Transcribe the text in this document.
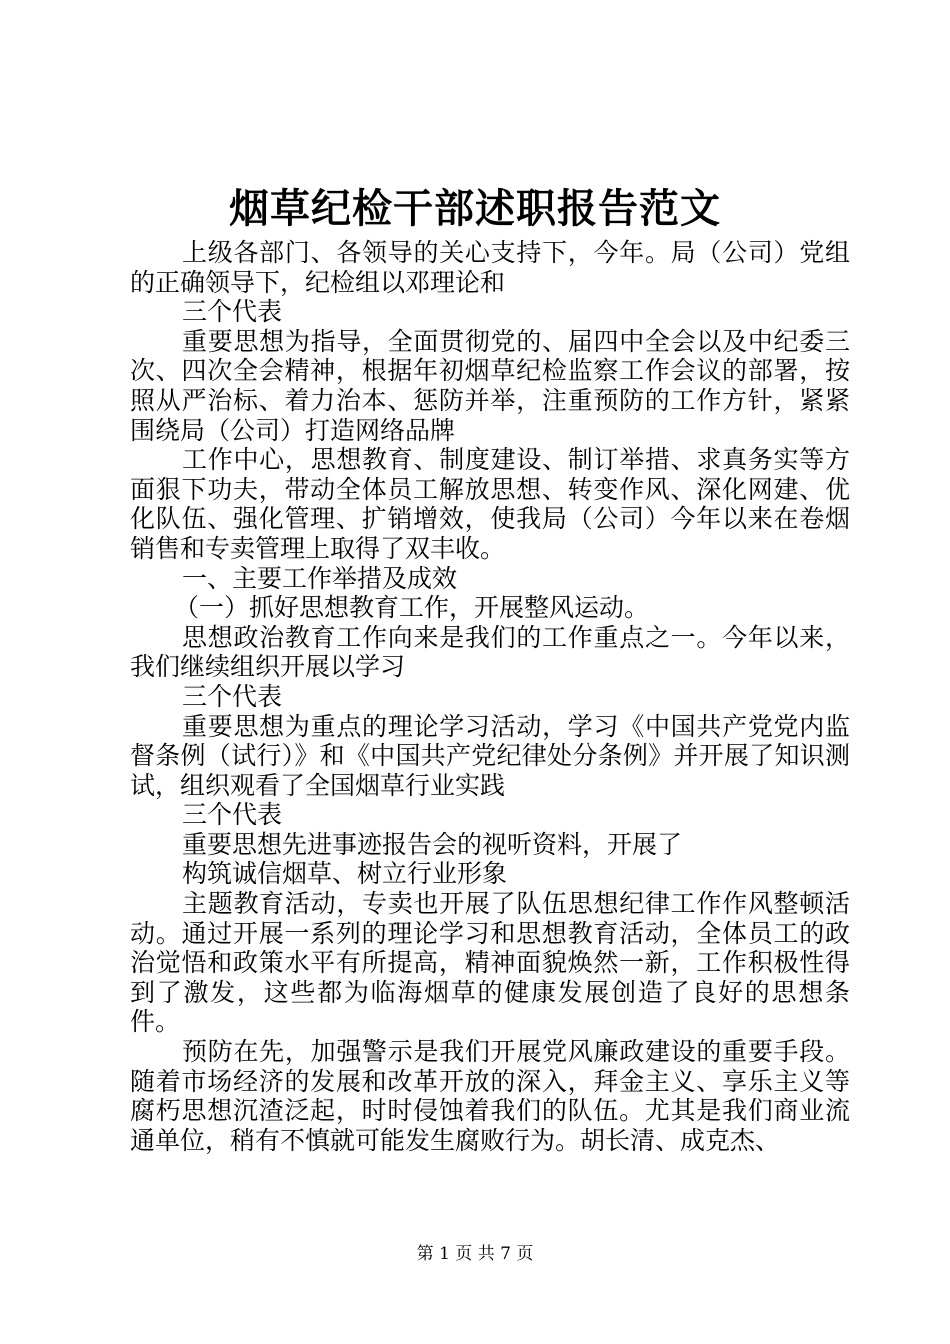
烟草纪检干部述职报告范文

上级各部门、各领导的关心支持下，今年。局（公司）党组的正确领导下，纪检组以邓理论和

三个代表

重要思想为指导，全面贯彻党的、届四中全会以及中纪委三次、四次全会精神，根据年初烟草纪检监察工作会议的部署，按照从严治标、着力治本、惩防并举，注重预防的工作方针，紧紧围绕局（公司）打造网络品牌

工作中心，思想教育、制度建设、制订举措、求真务实等方面狠下功夫，带动全体员工解放思想、转变作风、深化网建、优化队伍、强化管理、扩销增效，使我局（公司）今年以来在卷烟销售和专卖管理上取得了双丰收。

一、主要工作举措及成效

（一）抓好思想教育工作，开展整风运动。

思想政治教育工作向来是我们的工作重点之一。今年以来，我们继续组织开展以学习

三个代表

重要思想为重点的理论学习活动，学习《中国共产党党内监督条例（试行）》和《中国共产党纪律处分条例》并开展了知识测试，组织观看了全国烟草行业实践

三个代表

重要思想先进事迹报告会的视听资料，开展了

构筑诚信烟草、树立行业形象

主题教育活动，专卖也开展了队伍思想纪律工作作风整顿活动。通过开展一系列的理论学习和思想教育活动，全体员工的政治觉悟和政策水平有所提高，精神面貌焕然一新，工作积极性得到了激发，这些都为临海烟草的健康发展创造了良好的思想条件。

预防在先，加强警示是我们开展党风廉政建设的重要手段。随着市场经济的发展和改革开放的深入，拜金主义、享乐主义等腐朽思想沉渣泛起，时时侵蚀着我们的队伍。尤其是我们商业流通单位，稍有不慎就可能发生腐败行为。胡长清、成克杰、

第 1 页 共 7 页
